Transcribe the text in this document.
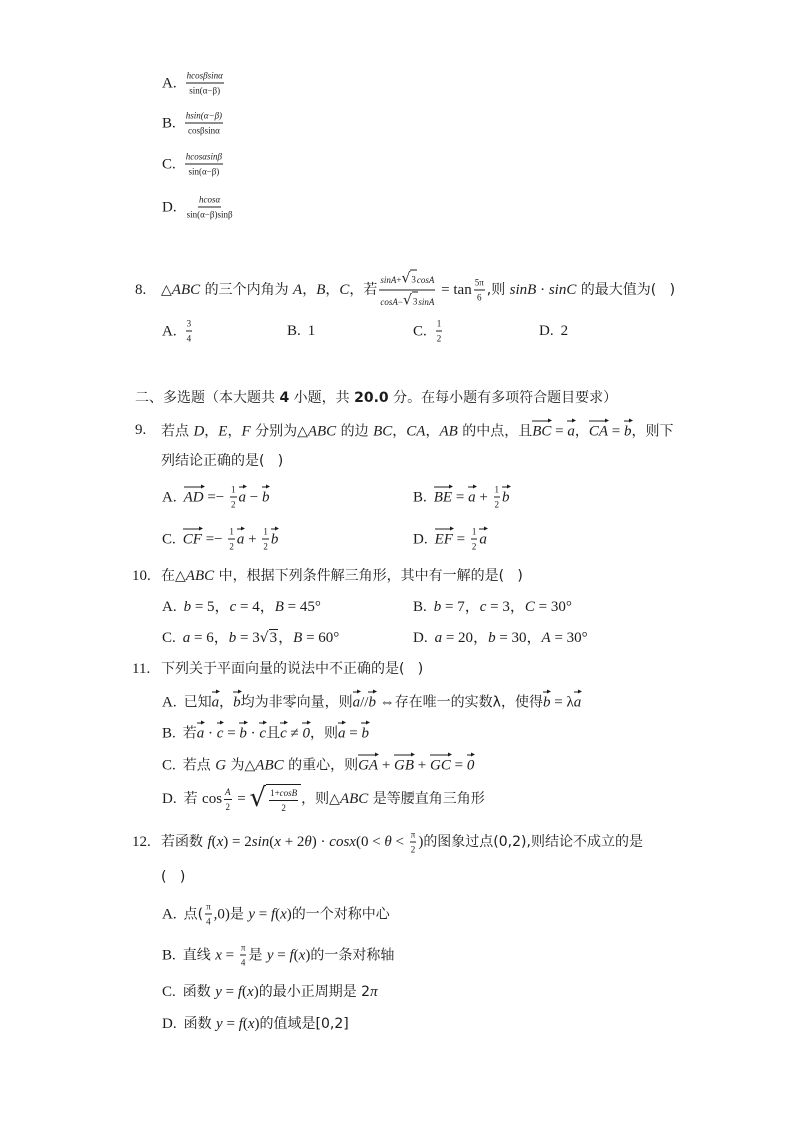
A. $\frac{hcos\beta\sin\alpha}{\sin(\alpha-\beta)}$
B. $\frac{hsin(\alpha-\beta)}{\cos\beta\sin\alpha}$
C. $\frac{hcos\alpha\sin\beta}{\sin(\alpha-\beta)}$
D. $\frac{hcos\alpha}{\sin(\alpha-\beta)\sin\beta}$
8. △ABC 的三个内角为 A，B，C，若 sinA+
√ 3 cosA
cosA−
√ 3 $\sin A = \tan \frac{5\pi}{6}$ ,则 sinB · sinC 的最大值为(   )
A. $\frac{3}{4}$	B. 1	C. $\frac{1}{2}$	D. 2
二、多选题（本大题共 4 小题，共 20.0 分。在每小题有多项符合题目要求）
9. 若点 D，E，F 分别为△ABC 的边 BC，CA，AB 的中点，且BC = a，CA = b，则下
列结论正确的是(   )
A. AD =− $\frac{1}{2}$ a − b	B. BE = $a + \frac{1}{2}$ b
C. CF =− $\frac{1}{2}$ $a + \frac{1}{2}$ b	D. EF = $\frac{1}{2}$ a
10. 在△ABC 中，根据下列条件解三角形，其中有一解的是(   )
A. b = 5，c = 4，B = 45°	B. b = 7，c = 3，C = 30°
C. a = 6，b = 3
√ 3 ，B = 60°	D. a = 20，b = 30，A = 30°
11. 下列关于平面向量的说法中不正确的是(   )
A. 已知a，b均为非零向量，则a//b ⇔存在唯一的实数λ，使得b = λa
B. 若a · c = b · c且c ≠ 0，则a = b
C. 若点 G 为△ABC 的重心，则GA + GB + GC = 0
D. 若 $\cos \frac{A}{2}$ =
√ $\frac{1+\cos B}{2}$ ，则△ABC 是等腰直角三角形
12. 若函数 $f(x) = 2\sin(x + 2\theta) \cdot \cos x(0 < \theta < \frac{\pi}{2}$ )的图象过点(0,2),则结论不成立的是
(   )
A. 点( $\frac{\pi}{4} ,0$)是 y = f(x)的一个对称中心
B. 直线 $x = \frac{\pi}{4}$ 是 y = f(x)的一条对称轴
C. 函数 y = f(x)的最小正周期是 2π
D. 函数 y = f(x)的值域是[0,2]
